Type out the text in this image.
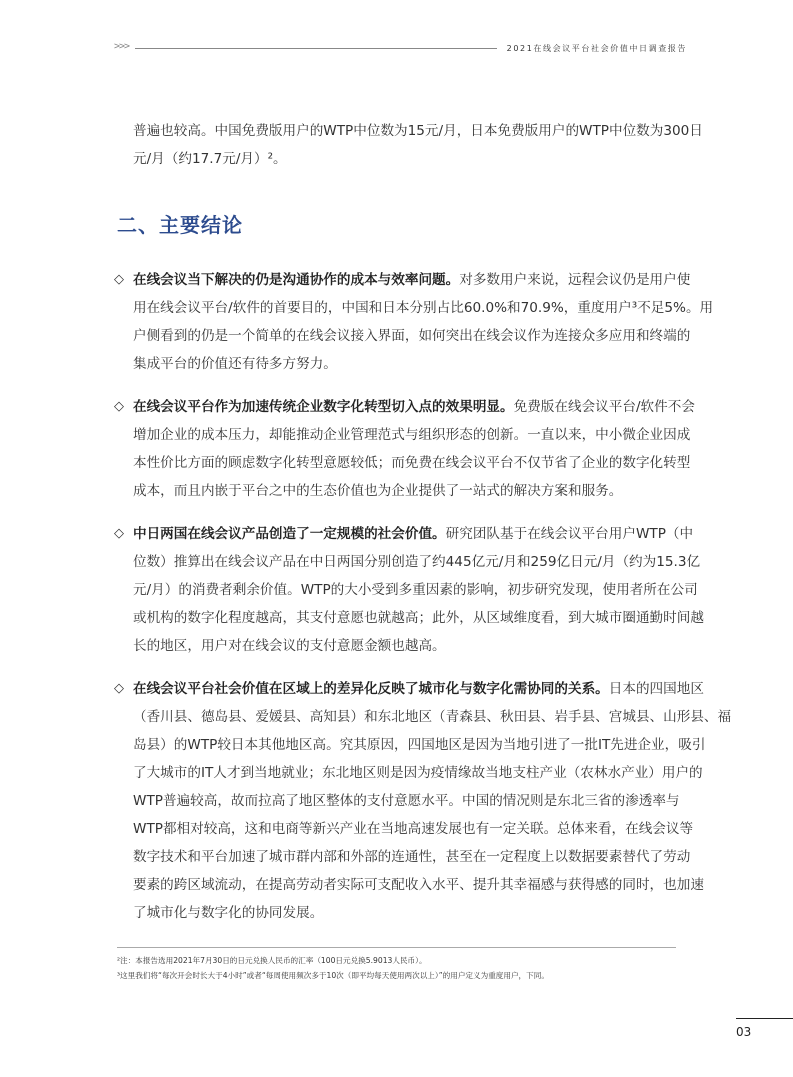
>>>	2021在线会议平台社会价值中日调查报告
普遍也较高。中国免费版用户的WTP中位数为15元/月，日本免费版用户的WTP中位数为300日
元/月（约17.7元/月）²。
二、主要结论
◇ 在线会议当下解决的仍是沟通协作的成本与效率问题。对多数用户来说，远程会议仍是用户使
用在线会议平台/软件的首要目的，中国和日本分别占比60.0%和70.9%，重度用户³不足5%。用
户侧看到的仍是一个简单的在线会议接入界面，如何突出在线会议作为连接众多应用和终端的
集成平台的价值还有待多方努力。
◇ 在线会议平台作为加速传统企业数字化转型切入点的效果明显。免费版在线会议平台/软件不会
增加企业的成本压力，却能推动企业管理范式与组织形态的创新。一直以来，中小微企业因成
本性价比方面的顾虑数字化转型意愿较低；而免费在线会议平台不仅节省了企业的数字化转型
成本，而且内嵌于平台之中的生态价值也为企业提供了一站式的解决方案和服务。
◇ 中日两国在线会议产品创造了一定规模的社会价值。研究团队基于在线会议平台用户WTP（中
位数）推算出在线会议产品在中日两国分别创造了约445亿元/月和259亿日元/月（约为15.3亿
元/月）的消费者剩余价值。WTP的大小受到多重因素的影响，初步研究发现，使用者所在公司
或机构的数字化程度越高，其支付意愿也就越高；此外，从区域维度看，到大城市圈通勤时间越
长的地区，用户对在线会议的支付意愿金额也越高。
◇ 在线会议平台社会价值在区域上的差异化反映了城市化与数字化需协同的关系。日本的四国地区
（香川县、德岛县、爱媛县、高知县）和东北地区（青森县、秋田县、岩手县、宫城县、山形县、福
岛县）的WTP较日本其他地区高。究其原因，四国地区是因为当地引进了一批IT先进企业，吸引
了大城市的IT人才到当地就业；东北地区则是因为疫情缘故当地支柱产业（农林水产业）用户的
WTP普遍较高，故而拉高了地区整体的支付意愿水平。中国的情况则是东北三省的渗透率与
WTP都相对较高，这和电商等新兴产业在当地高速发展也有一定关联。总体来看，在线会议等
数字技术和平台加速了城市群内部和外部的连通性，甚至在一定程度上以数据要素替代了劳动
要素的跨区域流动，在提高劳动者实际可支配收入水平、提升其幸福感与获得感的同时，也加速
了城市化与数字化的协同发展。
²注：本报告选用2021年7月30日的日元兑换人民币的汇率（100日元兑换5.9013人民币）。
³这里我们将“每次开会时长大于4小时”或者“每周使用频次多于10次（即平均每天使用两次以上）”的用户定义为重度用户，下同。
03
